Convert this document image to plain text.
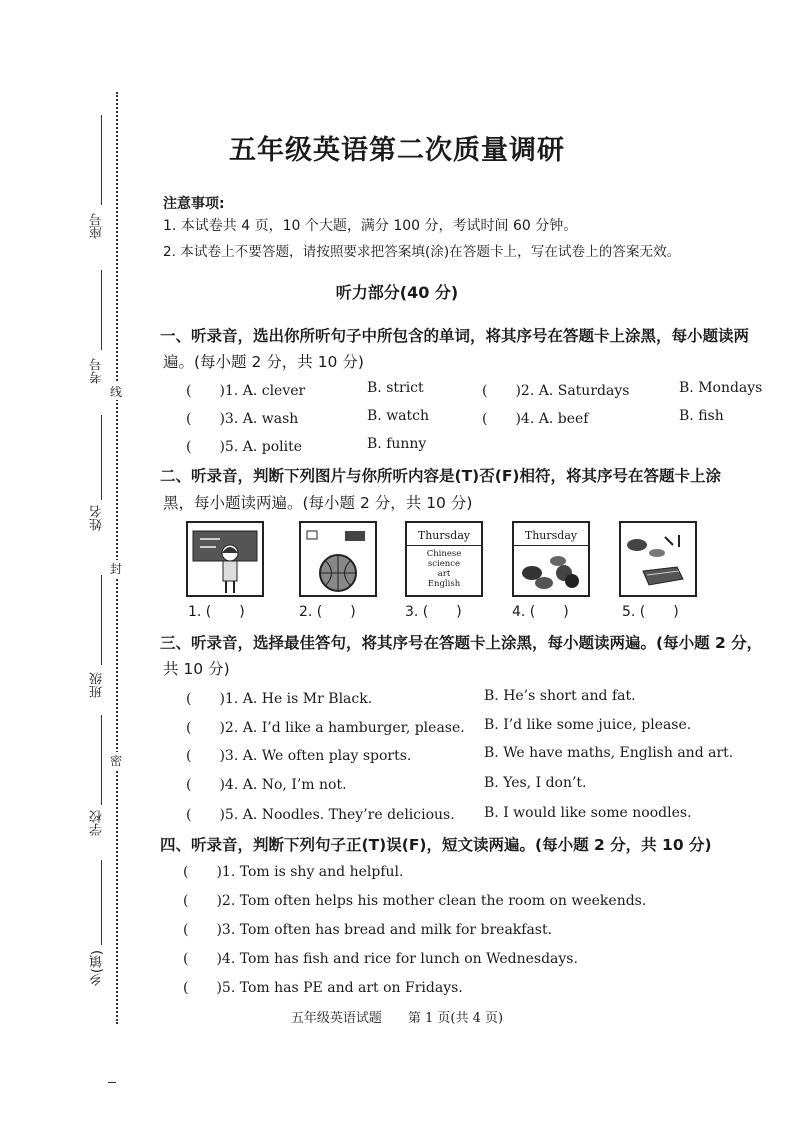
座号
考号
姓名
班级
学校
乡(镇)
线
封
密
五年级英语第二次质量调研
注意事项:
1. 本试卷共 4 页，10 个大题，满分 100 分，考试时间 60 分钟。
2. 本试卷上不要答题，请按照要求把答案填(涂)在答题卡上，写在试卷上的答案无效。
听力部分(40 分)
一、听录音，选出你所听句子中所包含的单词，将其序号在答题卡上涂黑，每小题读两
遍。(每小题 2 分，共 10 分)
(　　)1. A. clever	B. strict	(　　)2. A. Saturdays	B. Mondays
(　　)3. A. wash	B. watch	(　　)4. A. beef	B. fish
(　　)5. A. polite	B. funny
二、听录音，判断下列图片与你所听内容是(T)否(F)相符，将其序号在答题卡上涂
黑，每小题读两遍。(每小题 2 分，共 10 分)
Thursday
Chinese
science
art
English
Thursday
1. (　　)	2. (　　)	3. (　　)	4. (　　)	5. (　　)
三、听录音，选择最佳答句，将其序号在答题卡上涂黑，每小题读两遍。(每小题 2 分，
共 10 分)
(　　)1. A. He is Mr Black.	B. He’s short and fat.
(　　)2. A. I’d like a hamburger, please. B. I’d like some juice, please.
(　　)3. A. We often play sports.	B. We have maths, English and art.
(　　)4. A. No, I’m not.	B. Yes, I don’t.
(　　)5. A. Noodles. They’re delicious. B. I would like some noodles.
四、听录音，判断下列句子正(T)误(F)，短文读两遍。(每小题 2 分，共 10 分)
(　　)1. Tom is shy and helpful.
(　　)2. Tom often helps his mother clean the room on weekends.
(　　)3. Tom often has bread and milk for breakfast.
(　　)4. Tom has fish and rice for lunch on Wednesdays.
(　　)5. Tom has PE and art on Fridays.
五年级英语试题　　第 1 页(共 4 页)
